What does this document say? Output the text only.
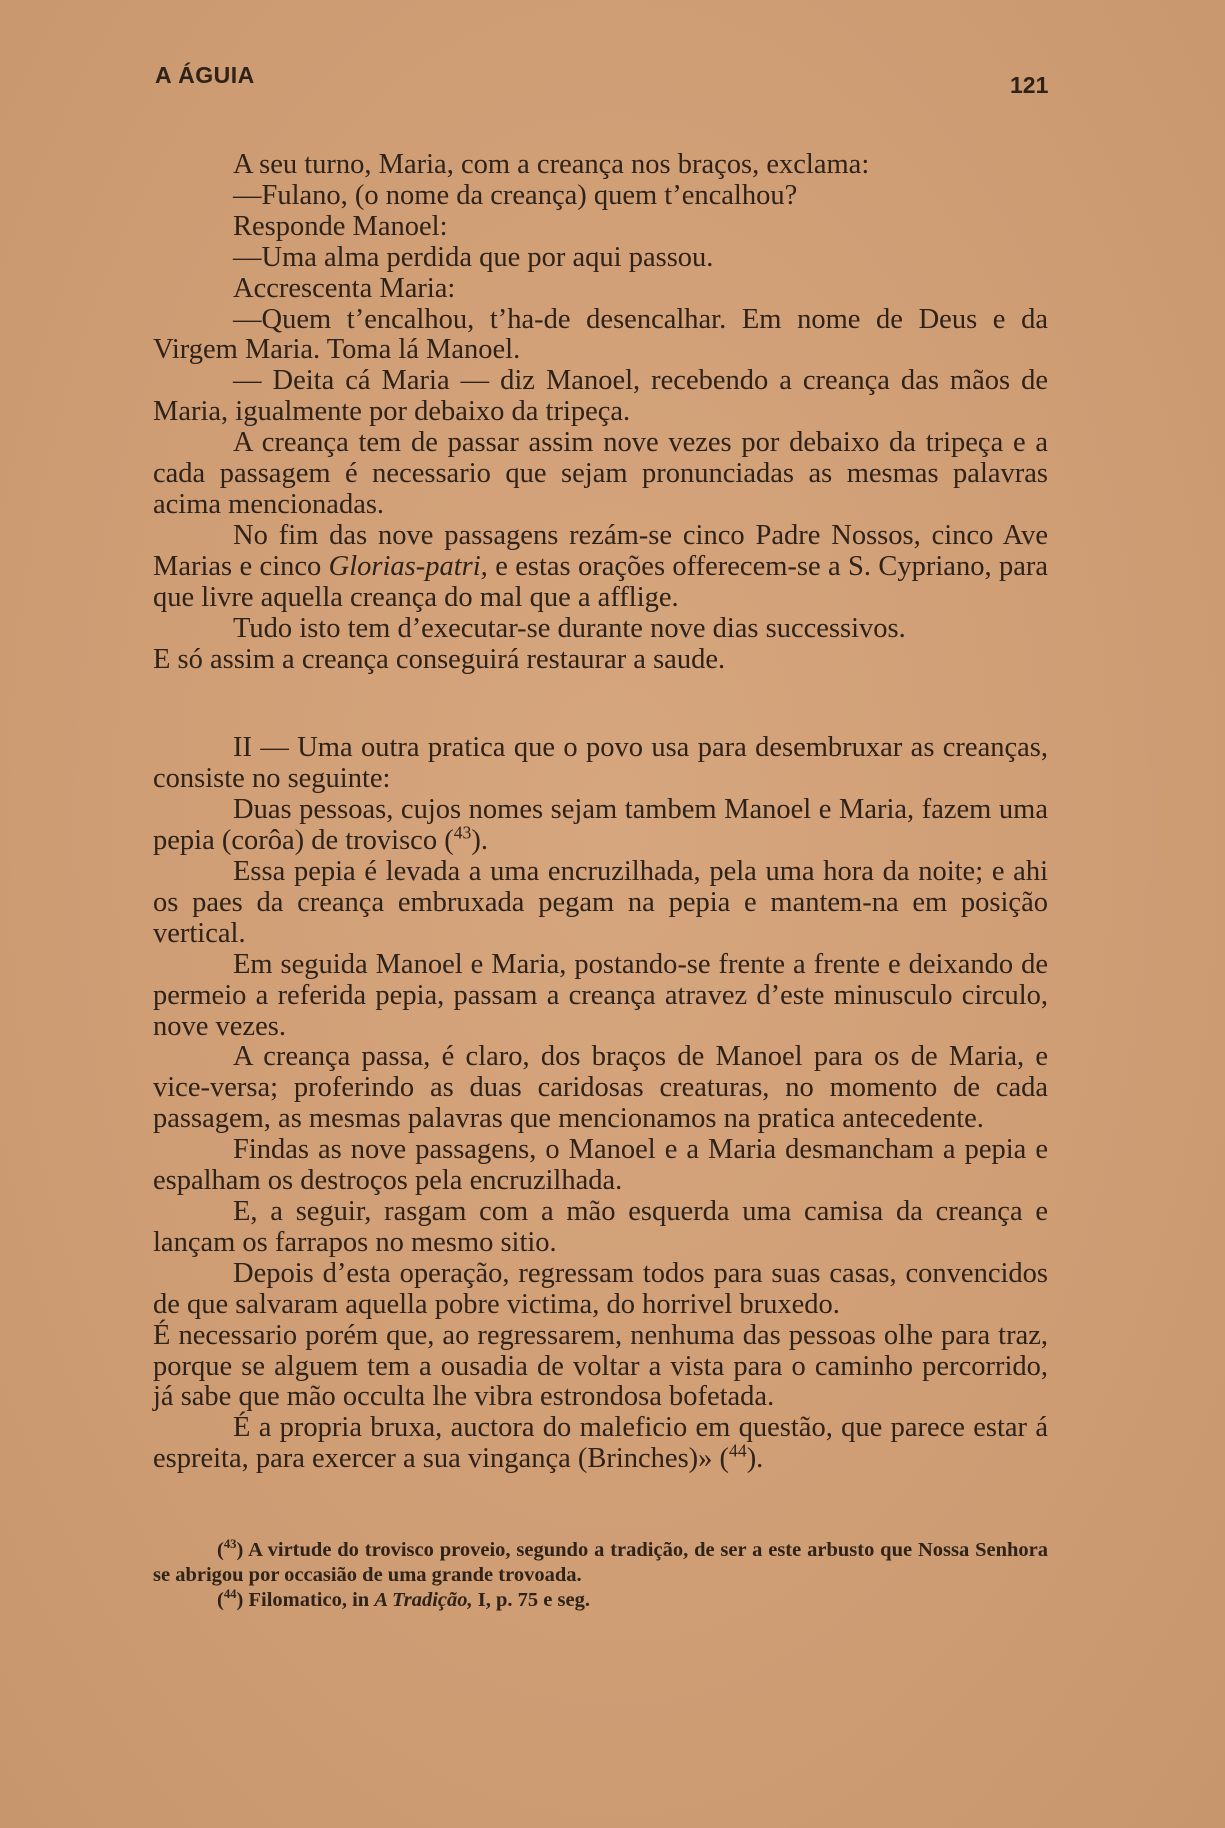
A ÁGUIA	121

A seu turno, Maria, com a creança nos braços, exclama:

—Fulano, (o nome da creança) quem t’encalhou?

Responde Manoel:

—Uma alma perdida que por aqui passou.

Accrescenta Maria:

—Quem t’encalhou, t’ha-de desencalhar. Em nome de Deus e da Virgem Maria. Toma lá Manoel.

— Deita cá Maria — diz Manoel, recebendo a creança das mãos de Maria, igualmente por debaixo da tripeça.

A creança tem de passar assim nove vezes por debaixo da tripeça e a cada passagem é necessario que sejam pronunciadas as mesmas palavras acima mencionadas.

No fim das nove passagens rezám-se cinco Padre Nossos, cinco Ave Marias e cinco Glorias-patri, e estas orações offerecem-se a S. Cypriano, para que livre aquella creança do mal que a afflige.

Tudo isto tem d’executar-se durante nove dias successivos.

E só assim a creança conseguirá restaurar a saude.

II — Uma outra pratica que o povo usa para desembruxar as creanças, consiste no seguinte:

Duas pessoas, cujos nomes sejam tambem Manoel e Maria, fazem uma pepia (corôa) de trovisco ($^{43}$).

Essa pepia é levada a uma encruzilhada, pela uma hora da noite; e ahi os paes da creança embruxada pegam na pepia e mantem-na em posição vertical.

Em seguida Manoel e Maria, postando-se frente a frente e deixando de permeio a referida pepia, passam a creança atravez d’este minusculo circulo, nove vezes.

A creança passa, é claro, dos braços de Manoel para os de Maria, e vice-versa; proferindo as duas caridosas creaturas, no momento de cada passagem, as mesmas palavras que mencionamos na pratica antecedente.

Findas as nove passagens, o Manoel e a Maria desmancham a pepia e espalham os destroços pela encruzilhada.

E, a seguir, rasgam com a mão esquerda uma camisa da creança e lançam os farrapos no mesmo sitio.

Depois d’esta operação, regressam todos para suas casas, convencidos de que salvaram aquella pobre victima, do horrivel bruxedo.

É necessario porém que, ao regressarem, nenhuma das pessoas olhe para traz, porque se alguem tem a ousadia de voltar a vista para o caminho percorrido, já sabe que mão occulta lhe vibra estrondosa bofetada.

É a propria bruxa, auctora do maleficio em questão, que parece estar á espreita, para exercer a sua vingança (Brinches)» ($^{44}$).

($^{43}$) A virtude do trovisco proveio, segundo a tradição, de ser a este arbusto que Nossa Senhora se abrigou por occasião de uma grande trovoada.

($^{44}$) Filomatico, in A Tradição, I, p. 75 e seg.
